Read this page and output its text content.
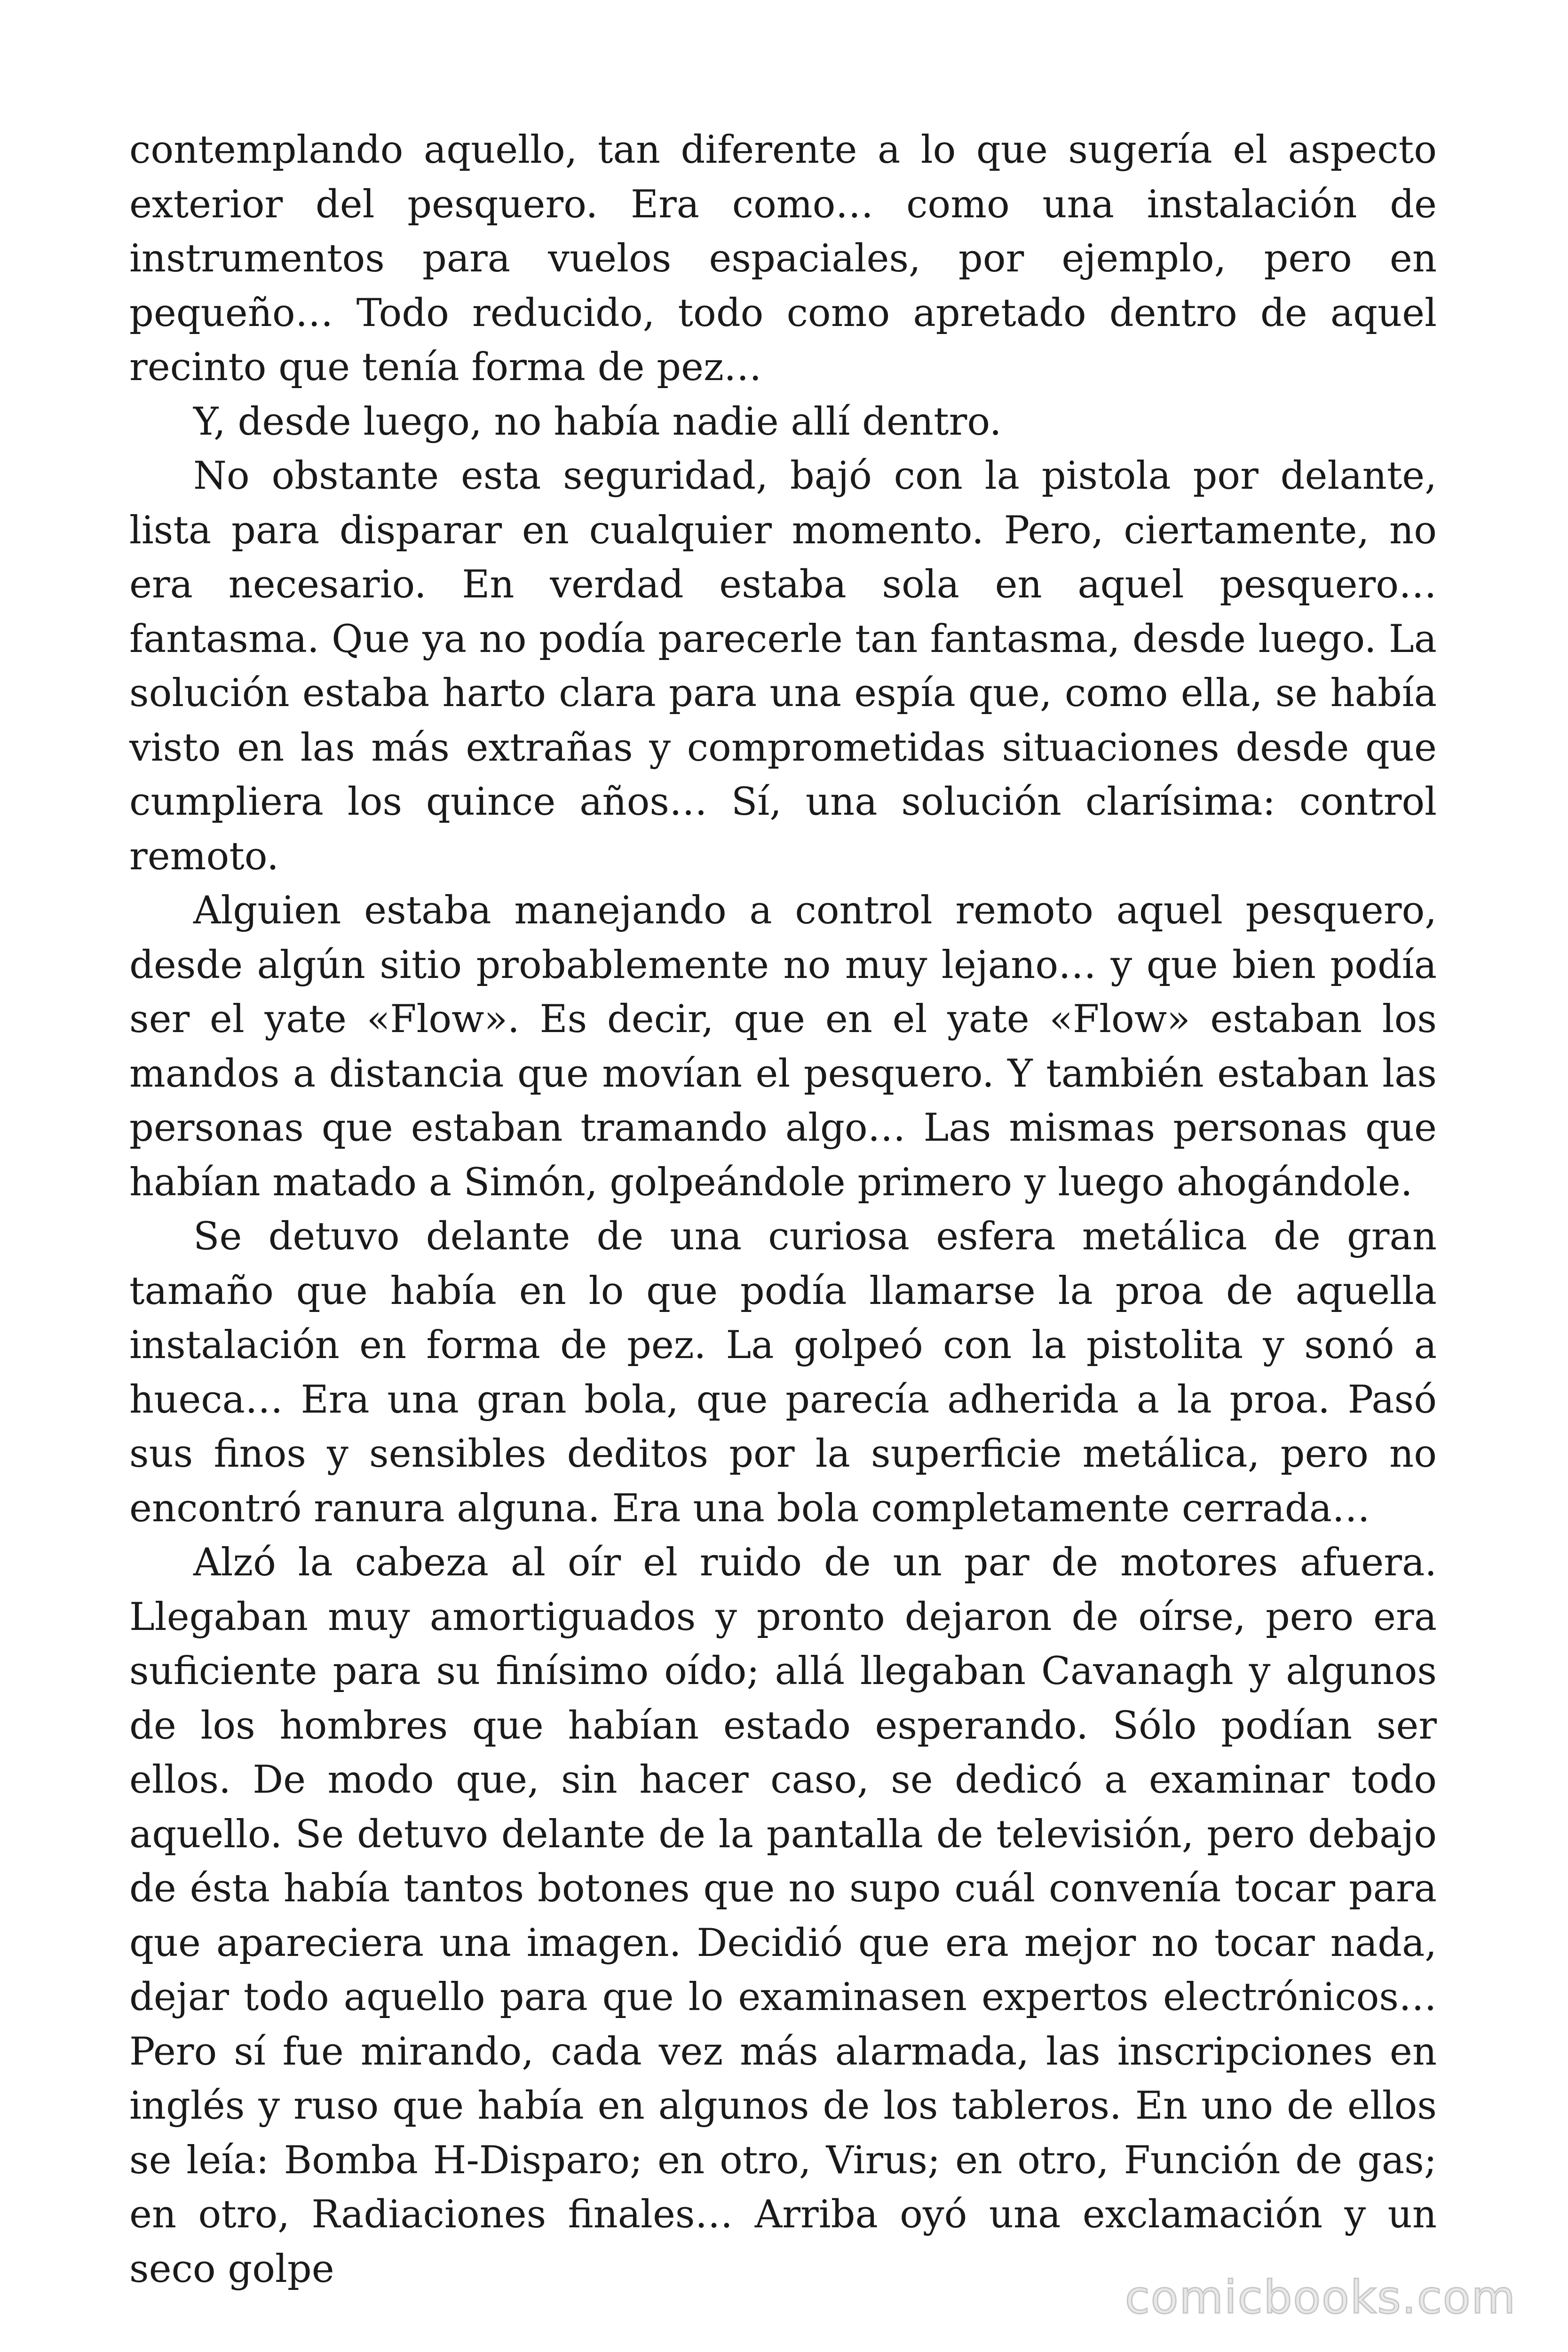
contemplando aquello, tan diferente a lo que sugería el aspecto exterior del pesquero. Era como… como una instalación de instrumentos para vuelos espaciales, por ejemplo, pero en pequeño… Todo reducido, todo como apretado dentro de aquel recinto que tenía forma de pez…

Y, desde luego, no había nadie allí dentro.

No obstante esta seguridad, bajó con la pistola por delante, lista para disparar en cualquier momento. Pero, ciertamente, no era necesario. En verdad estaba sola en aquel pesquero… fantasma. Que ya no podía parecerle tan fantasma, desde luego. La solución estaba harto clara para una espía que, como ella, se había visto en las más extrañas y comprometidas situaciones desde que cumpliera los quince años… Sí, una solución clarísima: control remoto.

Alguien estaba manejando a control remoto aquel pesquero, desde algún sitio probablemente no muy lejano… y que bien podía ser el yate «Flow». Es decir, que en el yate «Flow» estaban los mandos a distancia que movían el pesquero. Y también estaban las personas que estaban tramando algo… Las mismas personas que habían matado a Simón, golpeándole primero y luego ahogándole.

Se detuvo delante de una curiosa esfera metálica de gran tamaño que había en lo que podía llamarse la proa de aquella instalación en forma de pez. La golpeó con la pistolita y sonó a hueca… Era una gran bola, que parecía adherida a la proa. Pasó sus finos y sensibles deditos por la superficie metálica, pero no encontró ranura alguna. Era una bola completamente cerrada…

Alzó la cabeza al oír el ruido de un par de motores afuera. Llegaban muy amortiguados y pronto dejaron de oírse, pero era suficiente para su finísimo oído; allá llegaban Cavanagh y algunos de los hombres que habían estado esperando. Sólo podían ser ellos. De modo que, sin hacer caso, se dedicó a examinar todo aquello. Se detuvo delante de la pantalla de televisión, pero debajo de ésta había tantos botones que no supo cuál convenía tocar para que apareciera una imagen. Decidió que era mejor no tocar nada, dejar todo aquello para que lo examinasen expertos electrónicos… Pero sí fue mirando, cada vez más alarmada, las inscripciones en inglés y ruso que había en algunos de los tableros. En uno de ellos se leía: Bomba H-Disparo; en otro, Virus; en otro, Función de gas; en otro, Radiaciones finales… Arriba oyó una exclamación y un seco golpe

comicbooks.com
